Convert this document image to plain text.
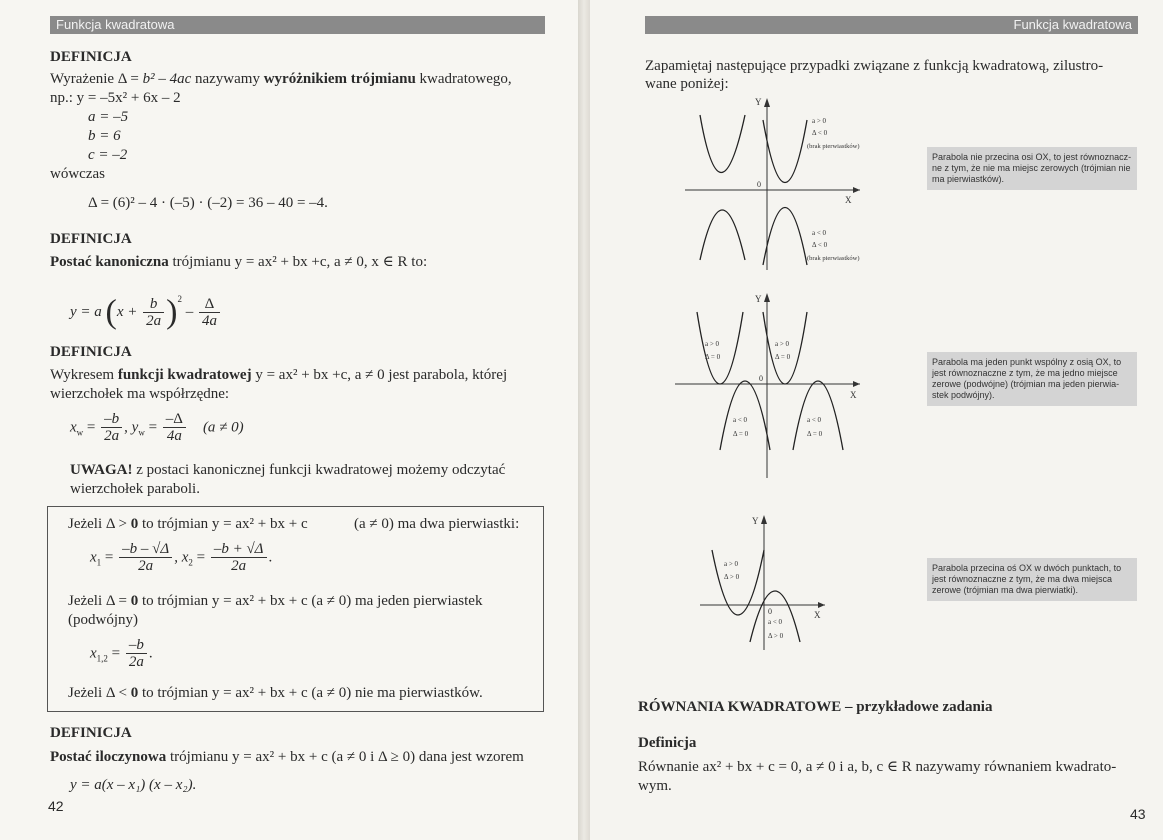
Funkcja kwadratowa
DEFINICJA
Wyrażenie Δ = b² – 4ac nazywamy wyróżnikiem trójmianu kwadratowego,
np.: y = –5x² + 6x – 2
a = –5
b = 6
c = –2
wówczas
Δ = (6)² – 4 · (–5) · (–2) = 36 – 40 = –4.
DEFINICJA
Postać kanoniczna trójmianu y = ax² + bx +c, a ≠ 0, x ∈ R to:
y = a $(x + \frac{b}{2a} )^2 - \frac{\Delta}{4a}$
DEFINICJA
Wykresem funkcji kwadratowej y = ax² + bx +c, a ≠ 0 jest parabola, której
wierzchołek ma współrzędne:
$x_w = \frac{-b}{2a}$ , $y_w = \frac{-\Delta}{4a} (a \ne 0)$
UWAGA! z postaci kanonicznej funkcji kwadratowej możemy odczytać
wierzchołek paraboli.
Jeżeli Δ > 0 to trójmian y = ax² + bx + c	(a ≠ 0) ma dwa pierwiastki:
$x_1 = \frac{-b - √\Delta}{2a}$ , $x_2 = \frac{-b + √\Delta}{2a}$ .
Jeżeli Δ = 0 to trójmian y = ax² + bx + c (a ≠ 0) ma jeden pierwiastek
(podwójny)
$x_{1,2} = \frac{-b}{2a}$ .
Jeżeli Δ < 0 to trójmian y = ax² + bx + c (a ≠ 0) nie ma pierwiastków.
DEFINICJA
Postać iloczynowa trójmianu y = ax² + bx + c (a ≠ 0 i Δ ≥ 0) dana jest wzorem
y = a(x – x₁) (x – x₂).
42
Funkcja kwadratowa
Zapamiętaj następujące przypadki związane z funkcją kwadratową, zilustro-
wane poniżej:
Y
X
0
a > 0
Δ < 0
(brak pierwiastków)
a < 0
Δ < 0
(brak pierwiastków)
Parabola nie przecina osi OX, to jest równoznacz-ne z tym, że nie ma miejsc zerowych (trójmian nie ma pierwiastków).
Y
X
0
a > 0
Δ = 0
a > 0
Δ = 0
a < 0
Δ = 0
a < 0
Δ = 0
Parabola ma jeden punkt wspólny z osią OX, to jest równoznaczne z tym, że ma jedno miejsce zerowe (podwójne) (trójmian ma jeden pierwia-stek podwójny).
Y
X
0
a > 0
Δ > 0
a < 0
Δ > 0
Parabola przecina oś OX w dwóch punktach, to jest równoznaczne z tym, że ma dwa miejsca zerowe (trójmian ma dwa pierwiatki).
RÓWNANIA KWADRATOWE – przykładowe zadania
Definicja
Równanie ax² + bx + c = 0, a ≠ 0 i a, b, c ∈ R nazywamy równaniem kwadrato-
wym.
43
